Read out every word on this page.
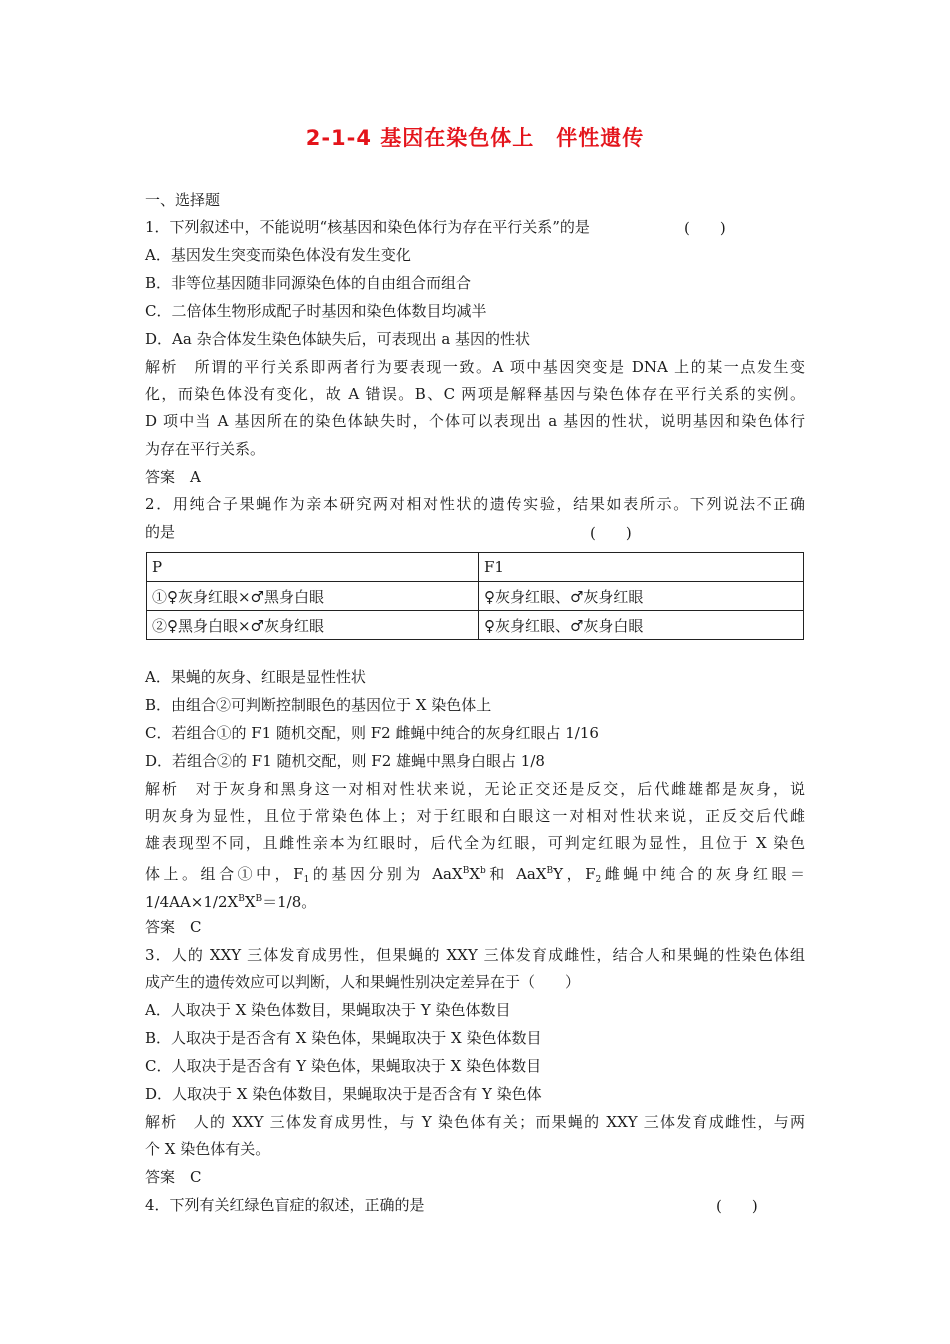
2-1-4 基因在染色体上　伴性遗传
一、选择题
1．下列叙述中，不能说明“核基因和染色体行为存在平行关系”的是	(　　)
A．基因发生突变而染色体没有发生变化
B．非等位基因随非同源染色体的自由组合而组合
C．二倍体生物形成配子时基因和染色体数目均减半
D．Aa 杂合体发生染色体缺失后，可表现出 a 基因的性状
解析　所谓的平行关系即两者行为要表现一致。A 项中基因突变是 DNA 上的某一点发生变
化，而染色体没有变化，故 A 错误。B、C 两项是解释基因与染色体存在平行关系的实例。
D 项中当 A 基因所在的染色体缺失时，个体可以表现出 a 基因的性状，说明基因和染色体行
为存在平行关系。
答案　A
2．用纯合子果蝇作为亲本研究两对相对性状的遗传实验，结果如表所示。下列说法不正确
的是	(　　)
P	F1
①♀灰身红眼×♂黑身白眼	♀灰身红眼、♂灰身红眼
②♀黑身白眼×♂灰身红眼	♀灰身红眼、♂灰身白眼
A．果蝇的灰身、红眼是显性性状
B．由组合②可判断控制眼色的基因位于 X 染色体上
C．若组合①的 F1 随机交配，则 F2 雌蝇中纯合的灰身红眼占 1/16
D．若组合②的 F1 随机交配，则 F2 雄蝇中黑身白眼占 1/8
解析　对于灰身和黑身这一对相对性状来说，无论正交还是反交，后代雌雄都是灰身，说
明灰身为显性，且位于常染色体上；对于红眼和白眼这一对相对性状来说，正反交后代雌
雄表现型不同，且雌性亲本为红眼时，后代全为红眼，可判定红眼为显性，且位于 X 染色
体上。组合①中，$F_1$的基因分别为 $AaX^BX^b$和 AaX$^B$Y，$F_2$雌蝇中纯合的灰身红眼＝
$1/4AA\times 1/2X^BX^B=1/8$。
答案　C
3．人的 XXY 三体发育成男性，但果蝇的 XXY 三体发育成雌性，结合人和果蝇的性染色体组
成产生的遗传效应可以判断，人和果蝇性别决定差异在于（　　）
A．人取决于 X 染色体数目，果蝇取决于 Y 染色体数目
B．人取决于是否含有 X 染色体，果蝇取决于 X 染色体数目
C．人取决于是否含有 Y 染色体，果蝇取决于 X 染色体数目
D．人取决于 X 染色体数目，果蝇取决于是否含有 Y 染色体
解析　人的 XXY 三体发育成男性，与 Y 染色体有关；而果蝇的 XXY 三体发育成雌性，与两
个 X 染色体有关。
答案　C
4．下列有关红绿色盲症的叙述，正确的是	(　　)
